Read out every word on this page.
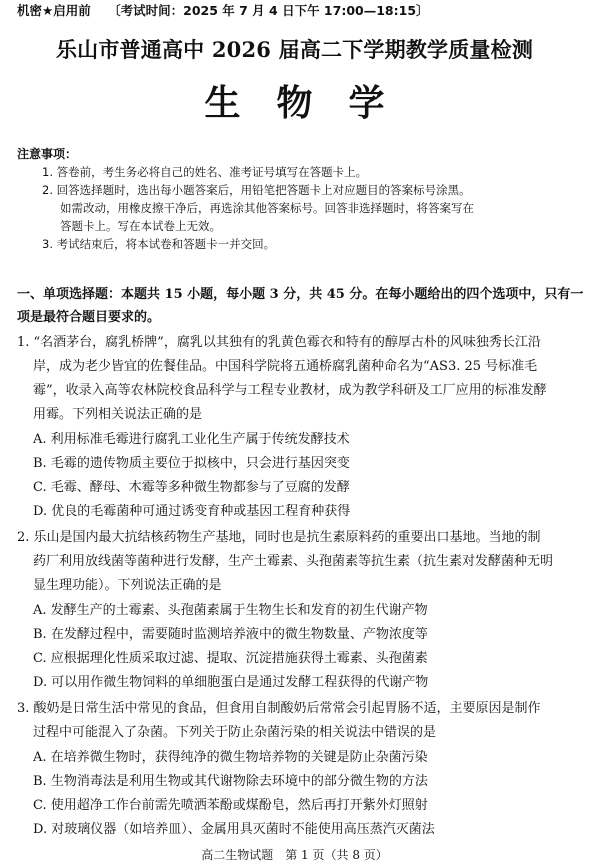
机密★启用前 〔考试时间：2025 年 7 月 4 日下午 17:00—18:15〕
乐山市普通高中 2026 届高二下学期教学质量检测
生物学
注意事项：
1. 答卷前，考生务必将自己的姓名、准考证号填写在答题卡上。
2. 回答选择题时，选出每小题答案后，用铅笔把答题卡上对应题目的答案标号涂黑。
如需改动，用橡皮擦干净后，再选涂其他答案标号。回答非选择题时，将答案写在
答题卡上。写在本试卷上无效。
3. 考试结束后，将本试卷和答题卡一并交回。
一、单项选择题：本题共 15 小题，每小题 3 分，共 45 分。在每小题给出的四个选项中，只有一
项是最符合题目要求的。
1. “名酒茅台，腐乳桥牌”，腐乳以其独有的乳黄色霉衣和特有的醇厚古朴的风味独秀长江沿
岸，成为老少皆宜的佐餐佳品。中国科学院将五通桥腐乳菌种命名为“AS3. 25 号标准毛
霉”，收录入高等农林院校食品科学与工程专业教材，成为教学科研及工厂应用的标准发酵
用霉。下列相关说法正确的是
A. 利用标准毛霉进行腐乳工业化生产属于传统发酵技术
B. 毛霉的遗传物质主要位于拟核中，只会进行基因突变
C. 毛霉、酵母、木霉等多种微生物都参与了豆腐的发酵
D. 优良的毛霉菌种可通过诱变育种或基因工程育种获得
2. 乐山是国内最大抗结核药物生产基地，同时也是抗生素原料药的重要出口基地。当地的制
药厂利用放线菌等菌种进行发酵，生产土霉素、头孢菌素等抗生素（抗生素对发酵菌种无明
显生理功能）。下列说法正确的是
A. 发酵生产的土霉素、头孢菌素属于生物生长和发育的初生代谢产物
B. 在发酵过程中，需要随时监测培养液中的微生物数量、产物浓度等
C. 应根据理化性质采取过滤、提取、沉淀措施获得土霉素、头孢菌素
D. 可以用作微生物饲料的单细胞蛋白是通过发酵工程获得的代谢产物
3. 酸奶是日常生活中常见的食品，但食用自制酸奶后常常会引起胃肠不适，主要原因是制作
过程中可能混入了杂菌。下列关于防止杂菌污染的相关说法中错误的是
A. 在培养微生物时，获得纯净的微生物培养物的关键是防止杂菌污染
B. 生物消毒法是利用生物或其代谢物除去环境中的部分微生物的方法
C. 使用超净工作台前需先喷洒苯酚或煤酚皂，然后再打开紫外灯照射
D. 对玻璃仪器（如培养皿）、金属用具灭菌时不能使用高压蒸汽灭菌法
高二生物试题　第 1 页（共 8 页）
